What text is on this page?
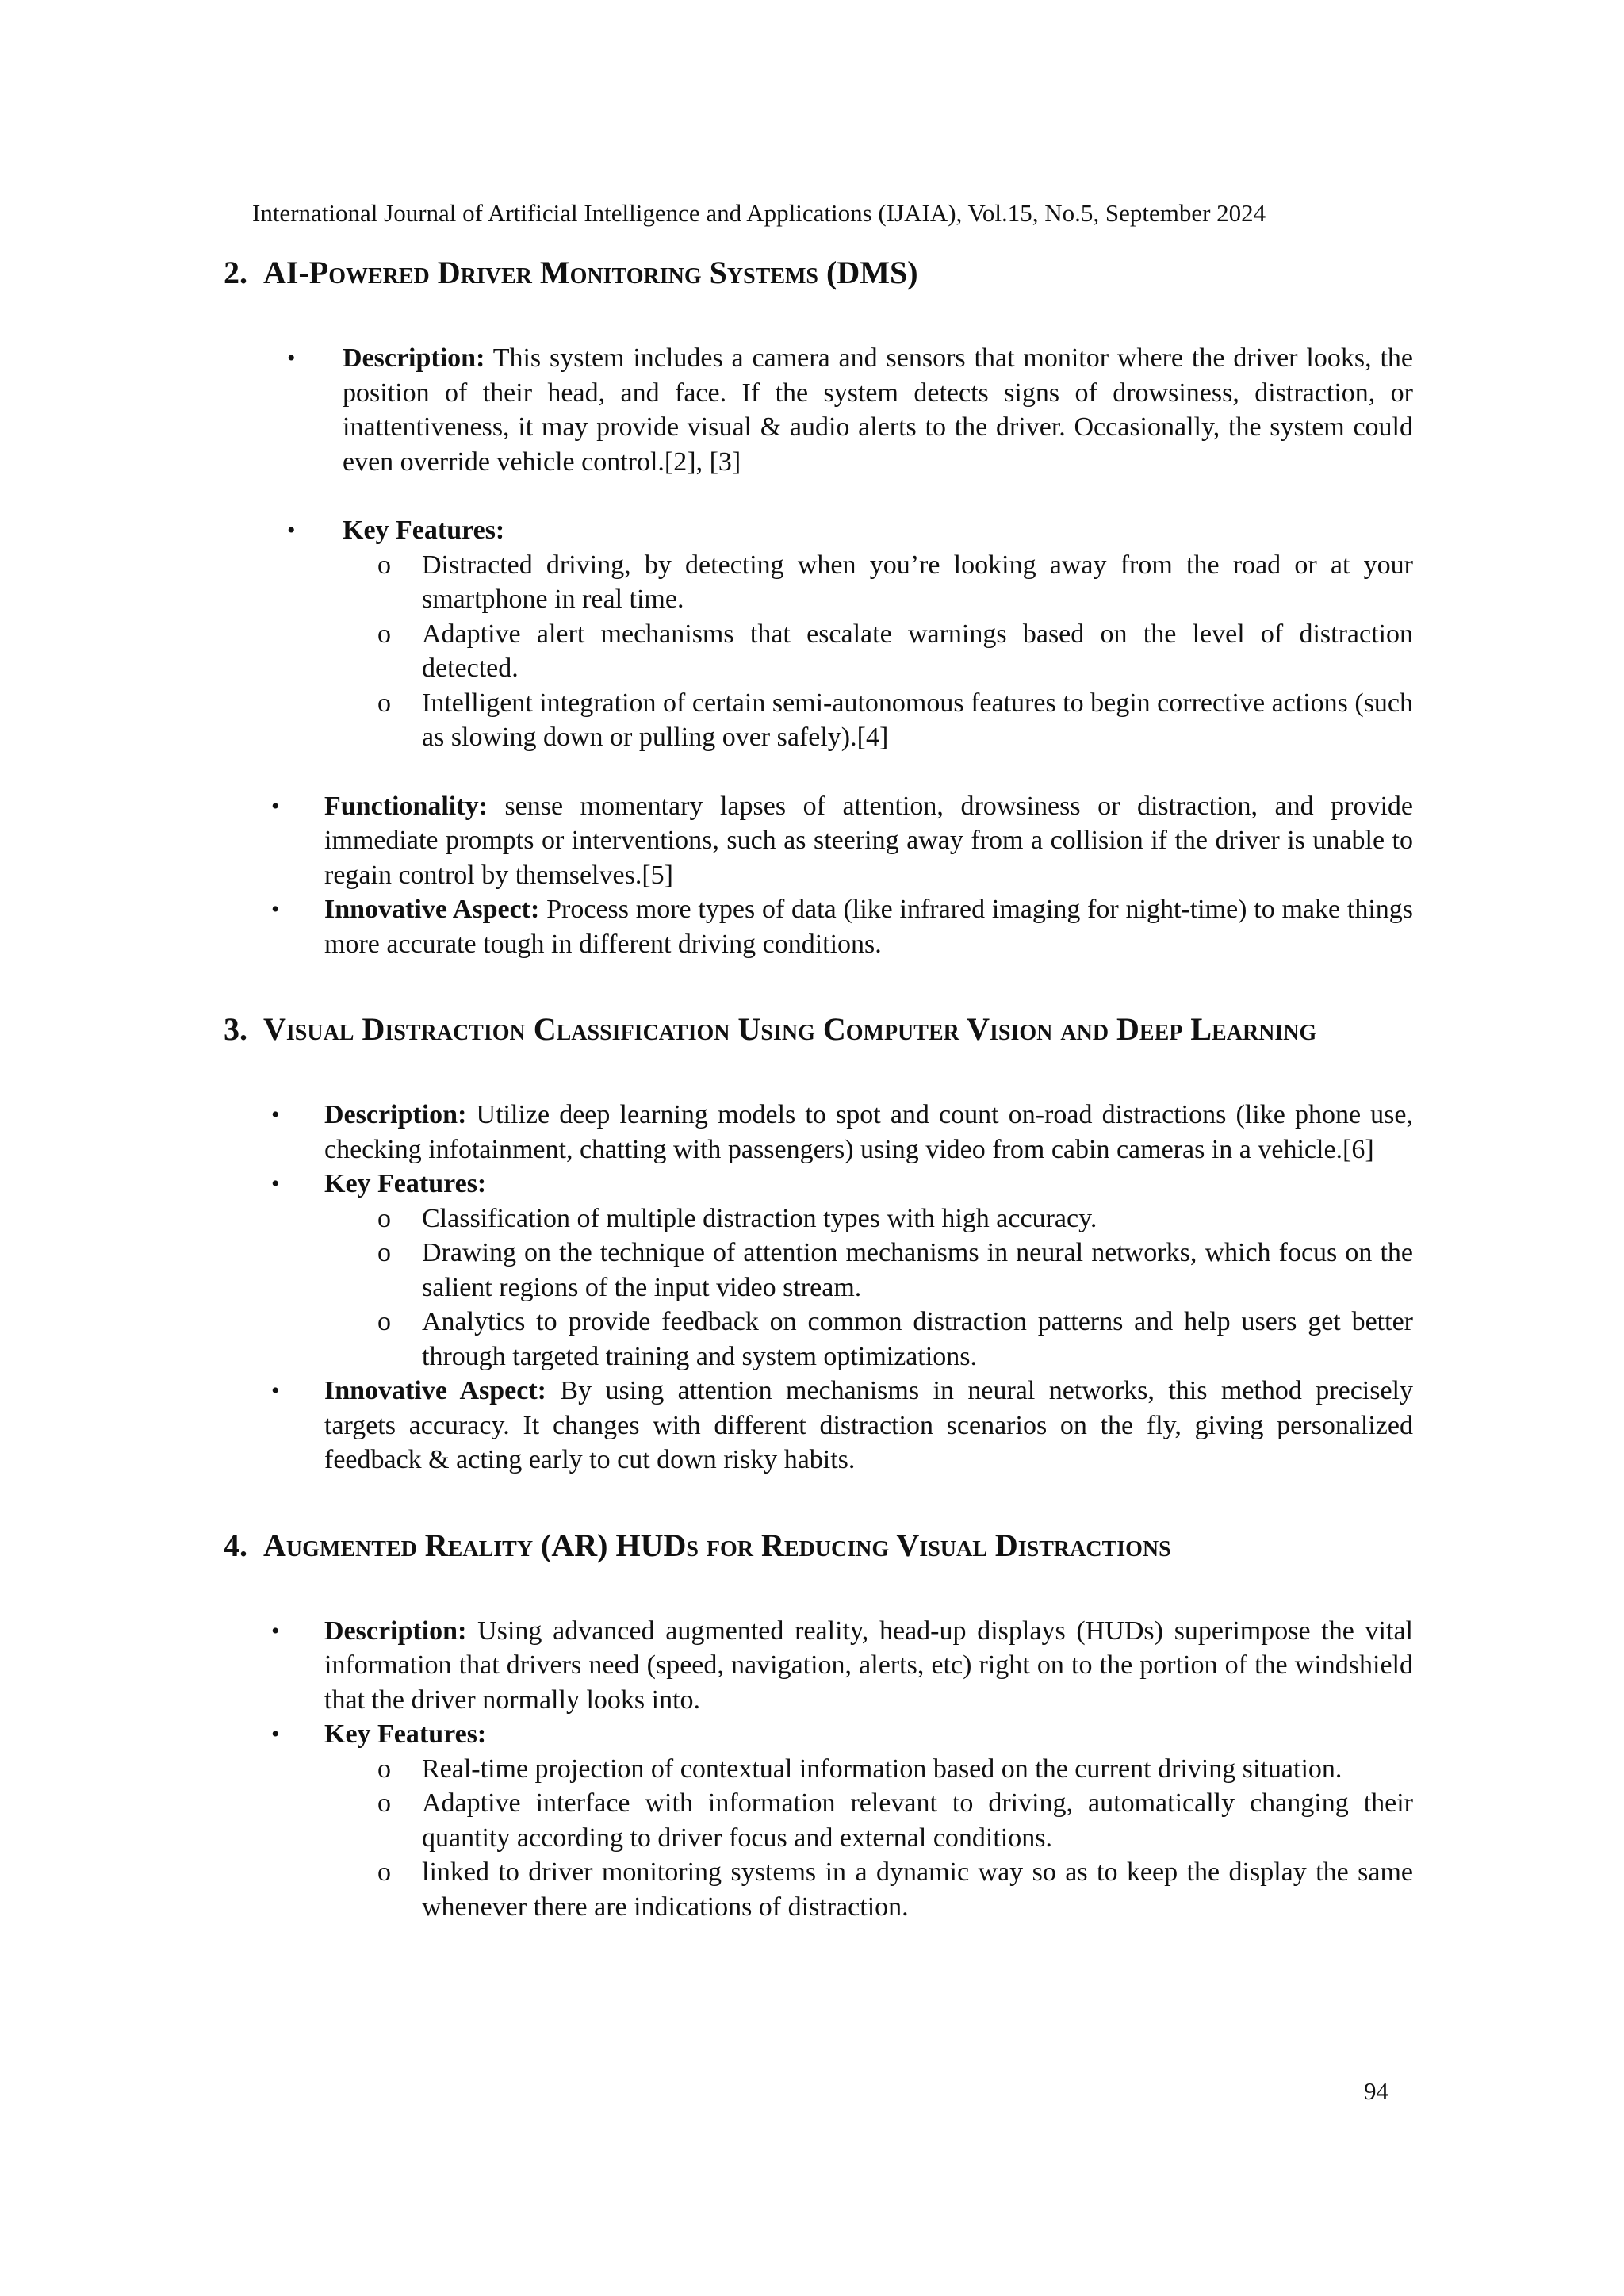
International Journal of Artificial Intelligence and Applications (IJAIA), Vol.15, No.5, September 2024
2. AI-Powered Driver Monitoring Systems (DMS)
• Description: This system includes a camera and sensors that monitor where the driver looks, the position of their head, and face. If the system detects signs of drowsiness, distraction, or inattentiveness, it may provide visual & audio alerts to the driver. Occasionally, the system could even override vehicle control.[2], [3]
• Key Features:
o Distracted driving, by detecting when you’re looking away from the road or at your smartphone in real time.
o Adaptive alert mechanisms that escalate warnings based on the level of distraction detected.
o Intelligent integration of certain semi-autonomous features to begin corrective actions (such as slowing down or pulling over safely).[4]
• Functionality: sense momentary lapses of attention, drowsiness or distraction, and provide immediate prompts or interventions, such as steering away from a collision if the driver is unable to regain control by themselves.[5]
• Innovative Aspect: Process more types of data (like infrared imaging for night-time) to make things more accurate tough in different driving conditions.
3. Visual Distraction Classification Using Computer Vision and Deep Learning
• Description: Utilize deep learning models to spot and count on-road distractions (like phone use, checking infotainment, chatting with passengers) using video from cabin cameras in a vehicle.[6]
• Key Features:
o Classification of multiple distraction types with high accuracy.
o Drawing on the technique of attention mechanisms in neural networks, which focus on the salient regions of the input video stream.
o Analytics to provide feedback on common distraction patterns and help users get better through targeted training and system optimizations.
• Innovative Aspect: By using attention mechanisms in neural networks, this method precisely targets accuracy. It changes with different distraction scenarios on the fly, giving personalized feedback & acting early to cut down risky habits.
4. Augmented Reality (AR) HUDs for Reducing Visual Distractions
• Description: Using advanced augmented reality, head-up displays (HUDs) superimpose the vital information that drivers need (speed, navigation, alerts, etc) right on to the portion of the windshield that the driver normally looks into.
• Key Features:
o Real-time projection of contextual information based on the current driving situation.
o Adaptive interface with information relevant to driving, automatically changing their quantity according to driver focus and external conditions.
o linked to driver monitoring systems in a dynamic way so as to keep the display the same whenever there are indications of distraction.
94
